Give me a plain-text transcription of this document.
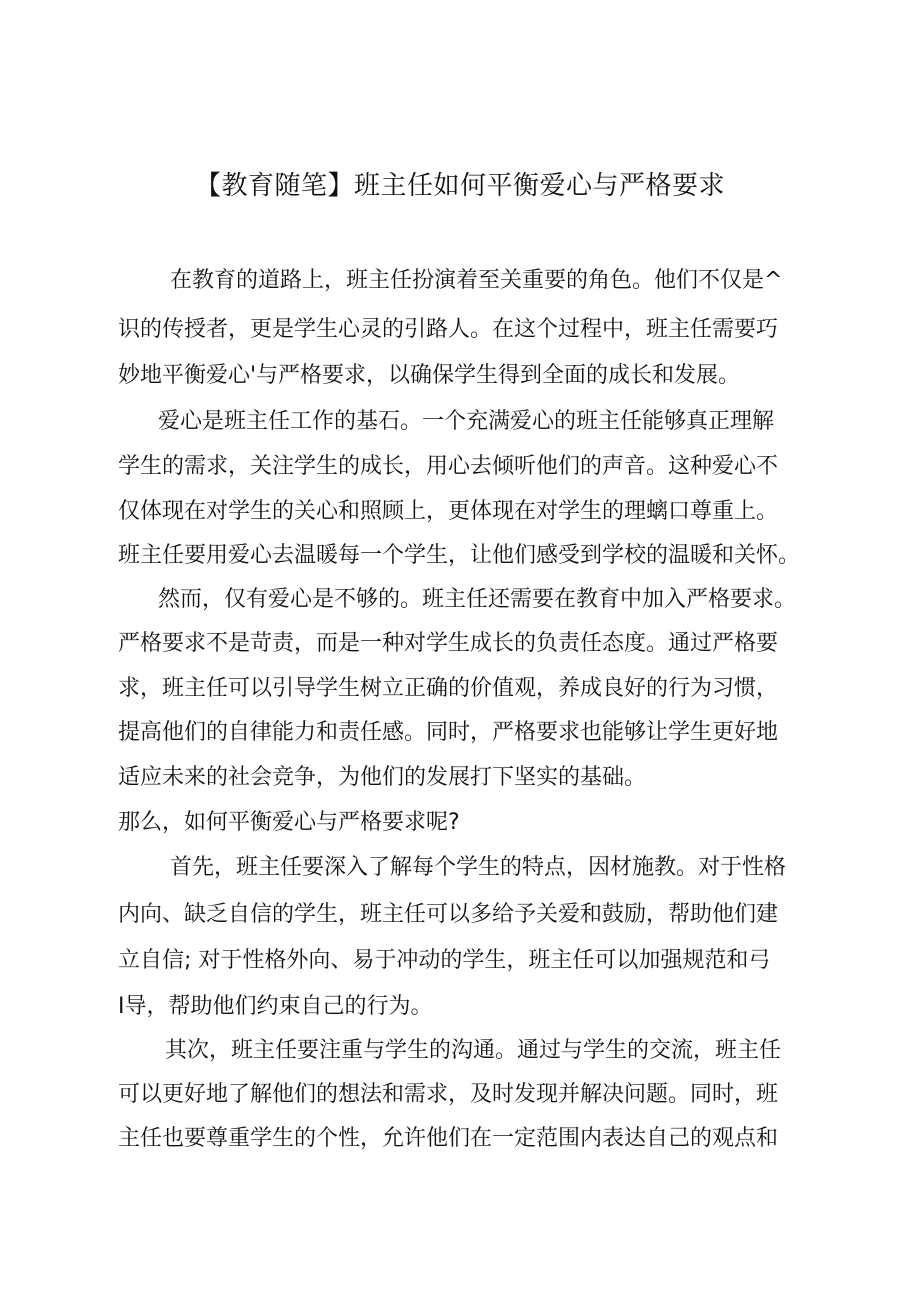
【教育随笔】班主任如何平衡爱心与严格要求

在教育的道路上，班主任扮演着至关重要的角色。他们不仅是^

识的传授者，更是学生心灵的引路人。在这个过程中，班主任需要巧

妙地平衡爱心'与严格要求，以确保学生得到全面的成长和发展。

爱心是班主任工作的基石。一个充满爱心的班主任能够真正理解

学生的需求，关注学生的成长，用心去倾听他们的声音。这种爱心不

仅体现在对学生的关心和照顾上，更体现在对学生的理螭口尊重上。

班主任要用爱心去温暖每一个学生，让他们感受到学校的温暖和关怀。

然而，仅有爱心是不够的。班主任还需要在教育中加入严格要求。

严格要求不是苛责，而是一种对学生成长的负责任态度。通过严格要

求，班主任可以引导学生树立正确的价值观，养成良好的行为习惯，

提高他们的自律能力和责任感。同时，严格要求也能够让学生更好地

适应未来的社会竞争，为他们的发展打下坚实的基础。

那么，如何平衡爱心与严格要求呢?

首先，班主任要深入了解每个学生的特点，因材施教。对于性格

内向、缺乏自信的学生，班主任可以多给予关爱和鼓励，帮助他们建

立自信; 对于性格外向、易于冲动的学生，班主任可以加强规范和弓

I导，帮助他们约束自己的行为。

其次，班主任要注重与学生的沟通。通过与学生的交流，班主任

可以更好地了解他们的想法和需求，及时发现并解决问题。同时，班

主任也要尊重学生的个性，允许他们在一定范围内表达自己的观点和
